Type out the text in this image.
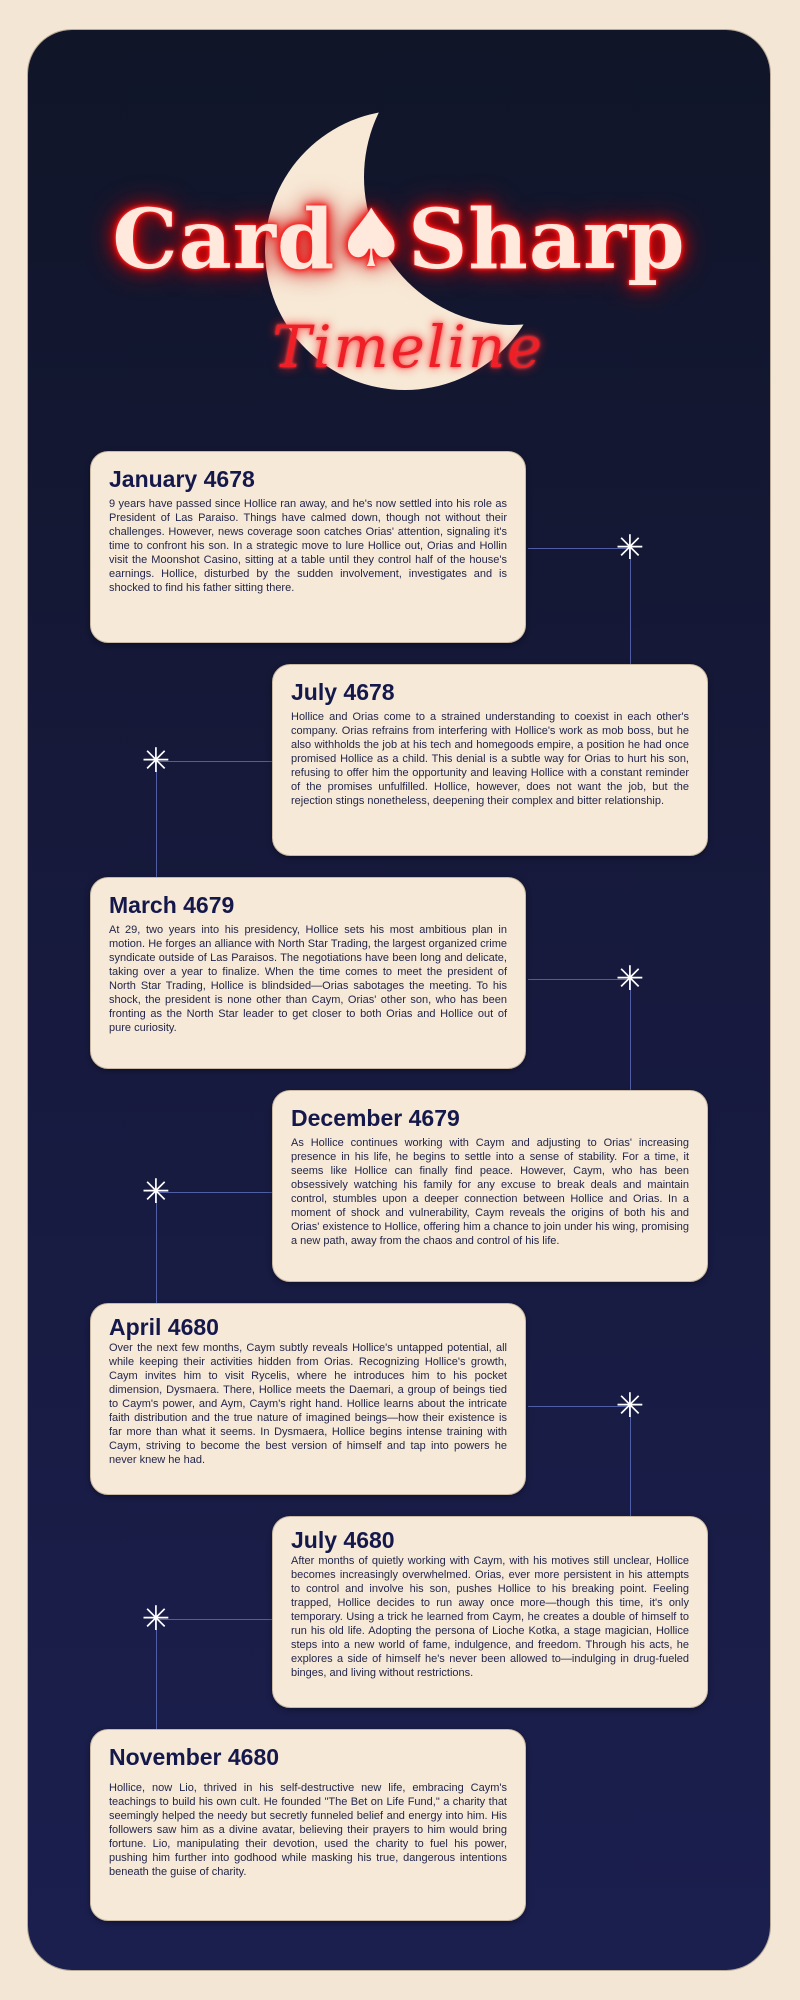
Card♠Sharp
Timeline
✳
✳
✳
✳
✳
✳
January 4678

9 years have passed since Hollice ran away, and he's now settled into his role as President of Las Paraiso. Things have calmed down, though not without their challenges. However, news coverage soon catches Orias' attention, signaling it's time to confront his son. In a strategic move to lure Hollice out, Orias and Hollin visit the Moonshot Casino, sitting at a table until they control half of the house's earnings. Hollice, disturbed by the sudden involvement, investigates and is shocked to find his father sitting there.

July 4678

Hollice and Orias come to a strained understanding to coexist in each other's company. Orias refrains from interfering with Hollice's work as mob boss, but he also withholds the job at his tech and homegoods empire, a position he had once promised Hollice as a child. This denial is a subtle way for Orias to hurt his son, refusing to offer him the opportunity and leaving Hollice with a constant reminder of the promises unfulfilled. Hollice, however, does not want the job, but the rejection stings nonetheless, deepening their complex and bitter relationship.

March 4679

At 29, two years into his presidency, Hollice sets his most ambitious plan in motion. He forges an alliance with North Star Trading, the largest organized crime syndicate outside of Las Paraisos. The negotiations have been long and delicate, taking over a year to finalize. When the time comes to meet the president of North Star Trading, Hollice is blindsided—Orias sabotages the meeting. To his shock, the president is none other than Caym, Orias' other son, who has been fronting as the North Star leader to get closer to both Orias and Hollice out of pure curiosity.

December 4679

As Hollice continues working with Caym and adjusting to Orias' increasing presence in his life, he begins to settle into a sense of stability. For a time, it seems like Hollice can finally find peace. However, Caym, who has been obsessively watching his family for any excuse to break deals and maintain control, stumbles upon a deeper connection between Hollice and Orias. In a moment of shock and vulnerability, Caym reveals the origins of both his and Orias' existence to Hollice, offering him a chance to join under his wing, promising a new path, away from the chaos and control of his life.

April 4680

Over the next few months, Caym subtly reveals Hollice's untapped potential, all while keeping their activities hidden from Orias. Recognizing Hollice's growth, Caym invites him to visit Rycelis, where he introduces him to his pocket dimension, Dysmaera. There, Hollice meets the Daemari, a group of beings tied to Caym's power, and Aym, Caym's right hand. Hollice learns about the intricate faith distribution and the true nature of imagined beings—how their existence is far more than what it seems. In Dysmaera, Hollice begins intense training with Caym, striving to become the best version of himself and tap into powers he never knew he had.

July 4680

After months of quietly working with Caym, with his motives still unclear, Hollice becomes increasingly overwhelmed. Orias, ever more persistent in his attempts to control and involve his son, pushes Hollice to his breaking point. Feeling trapped, Hollice decides to run away once more—though this time, it's only temporary. Using a trick he learned from Caym, he creates a double of himself to run his old life. Adopting the persona of Lioche Kotka, a stage magician, Hollice steps into a new world of fame, indulgence, and freedom. Through his acts, he explores a side of himself he's never been allowed to—indulging in drug-fueled binges, and living without restrictions.

November 4680

Hollice, now Lio, thrived in his self-destructive new life, embracing Caym's teachings to build his own cult. He founded "The Bet on Life Fund," a charity that seemingly helped the needy but secretly funneled belief and energy into him. His followers saw him as a divine avatar, believing their prayers to him would bring fortune. Lio, manipulating their devotion, used the charity to fuel his power, pushing him further into godhood while masking his true, dangerous intentions beneath the guise of charity.
